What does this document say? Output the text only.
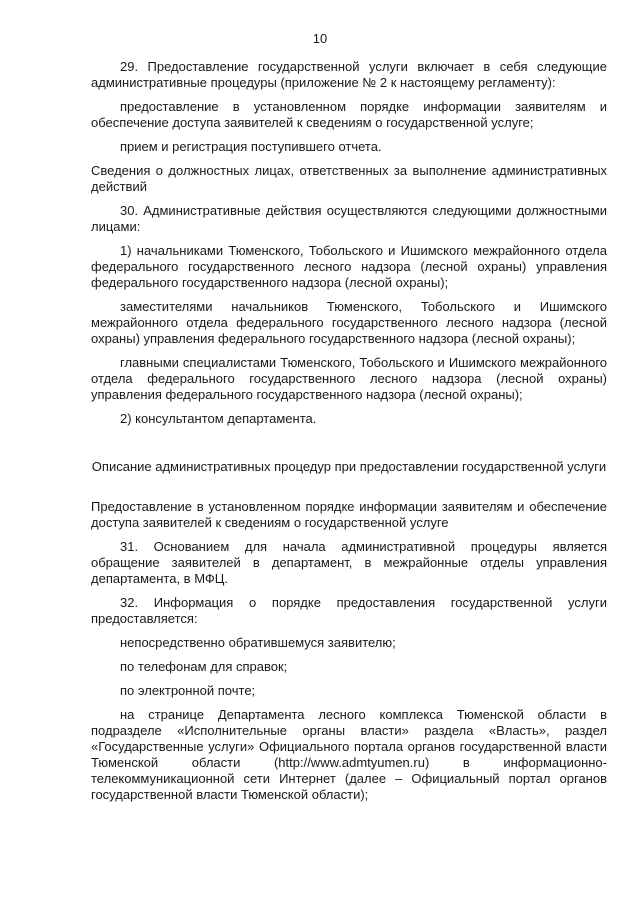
10

29. Предоставление государственной услуги включает в себя следующие административные процедуры (приложение № 2 к настоящему регламенту):

предоставление в установленном порядке информации заявителям и обеспечение доступа заявителей к сведениям о государственной услуге;

прием и регистрация поступившего отчета.

Сведения о должностных лицах, ответственных за выполнение административных действий

30. Административные действия осуществляются следующими должностными лицами:

1) начальниками Тюменского, Тобольского и Ишимского межрайонного отдела федерального государственного лесного надзора (лесной охраны) управления федерального государственного надзора (лесной охраны);

заместителями начальников Тюменского, Тобольского и Ишимского межрайонного отдела федерального государственного лесного надзора (лесной охраны) управления федерального государственного надзора (лесной охраны);

главными специалистами Тюменского, Тобольского и Ишимского межрайонного отдела федерального государственного лесного надзора (лесной охраны) управления федерального государственного надзора (лесной охраны);

2) консультантом департамента.

Описание административных процедур при предоставлении государственной услуги

Предоставление в установленном порядке информации заявителям и обеспечение доступа заявителей к сведениям о государственной услуге

31. Основанием для начала административной процедуры является обращение заявителей в департамент, в межрайонные отделы управления департамента, в МФЦ.

32. Информация о порядке предоставления государственной услуги предоставляется:

непосредственно обратившемуся заявителю;

по телефонам для справок;

по электронной почте;

на странице Департамента лесного комплекса Тюменской области в подразделе «Исполнительные органы власти» раздела «Власть», раздел «Государственные услуги» Официального портала органов государственной власти Тюменской области (http://www.admtyumen.ru) в информационно-телекоммуникационной сети Интернет (далее – Официальный портал органов государственной власти Тюменской области);
